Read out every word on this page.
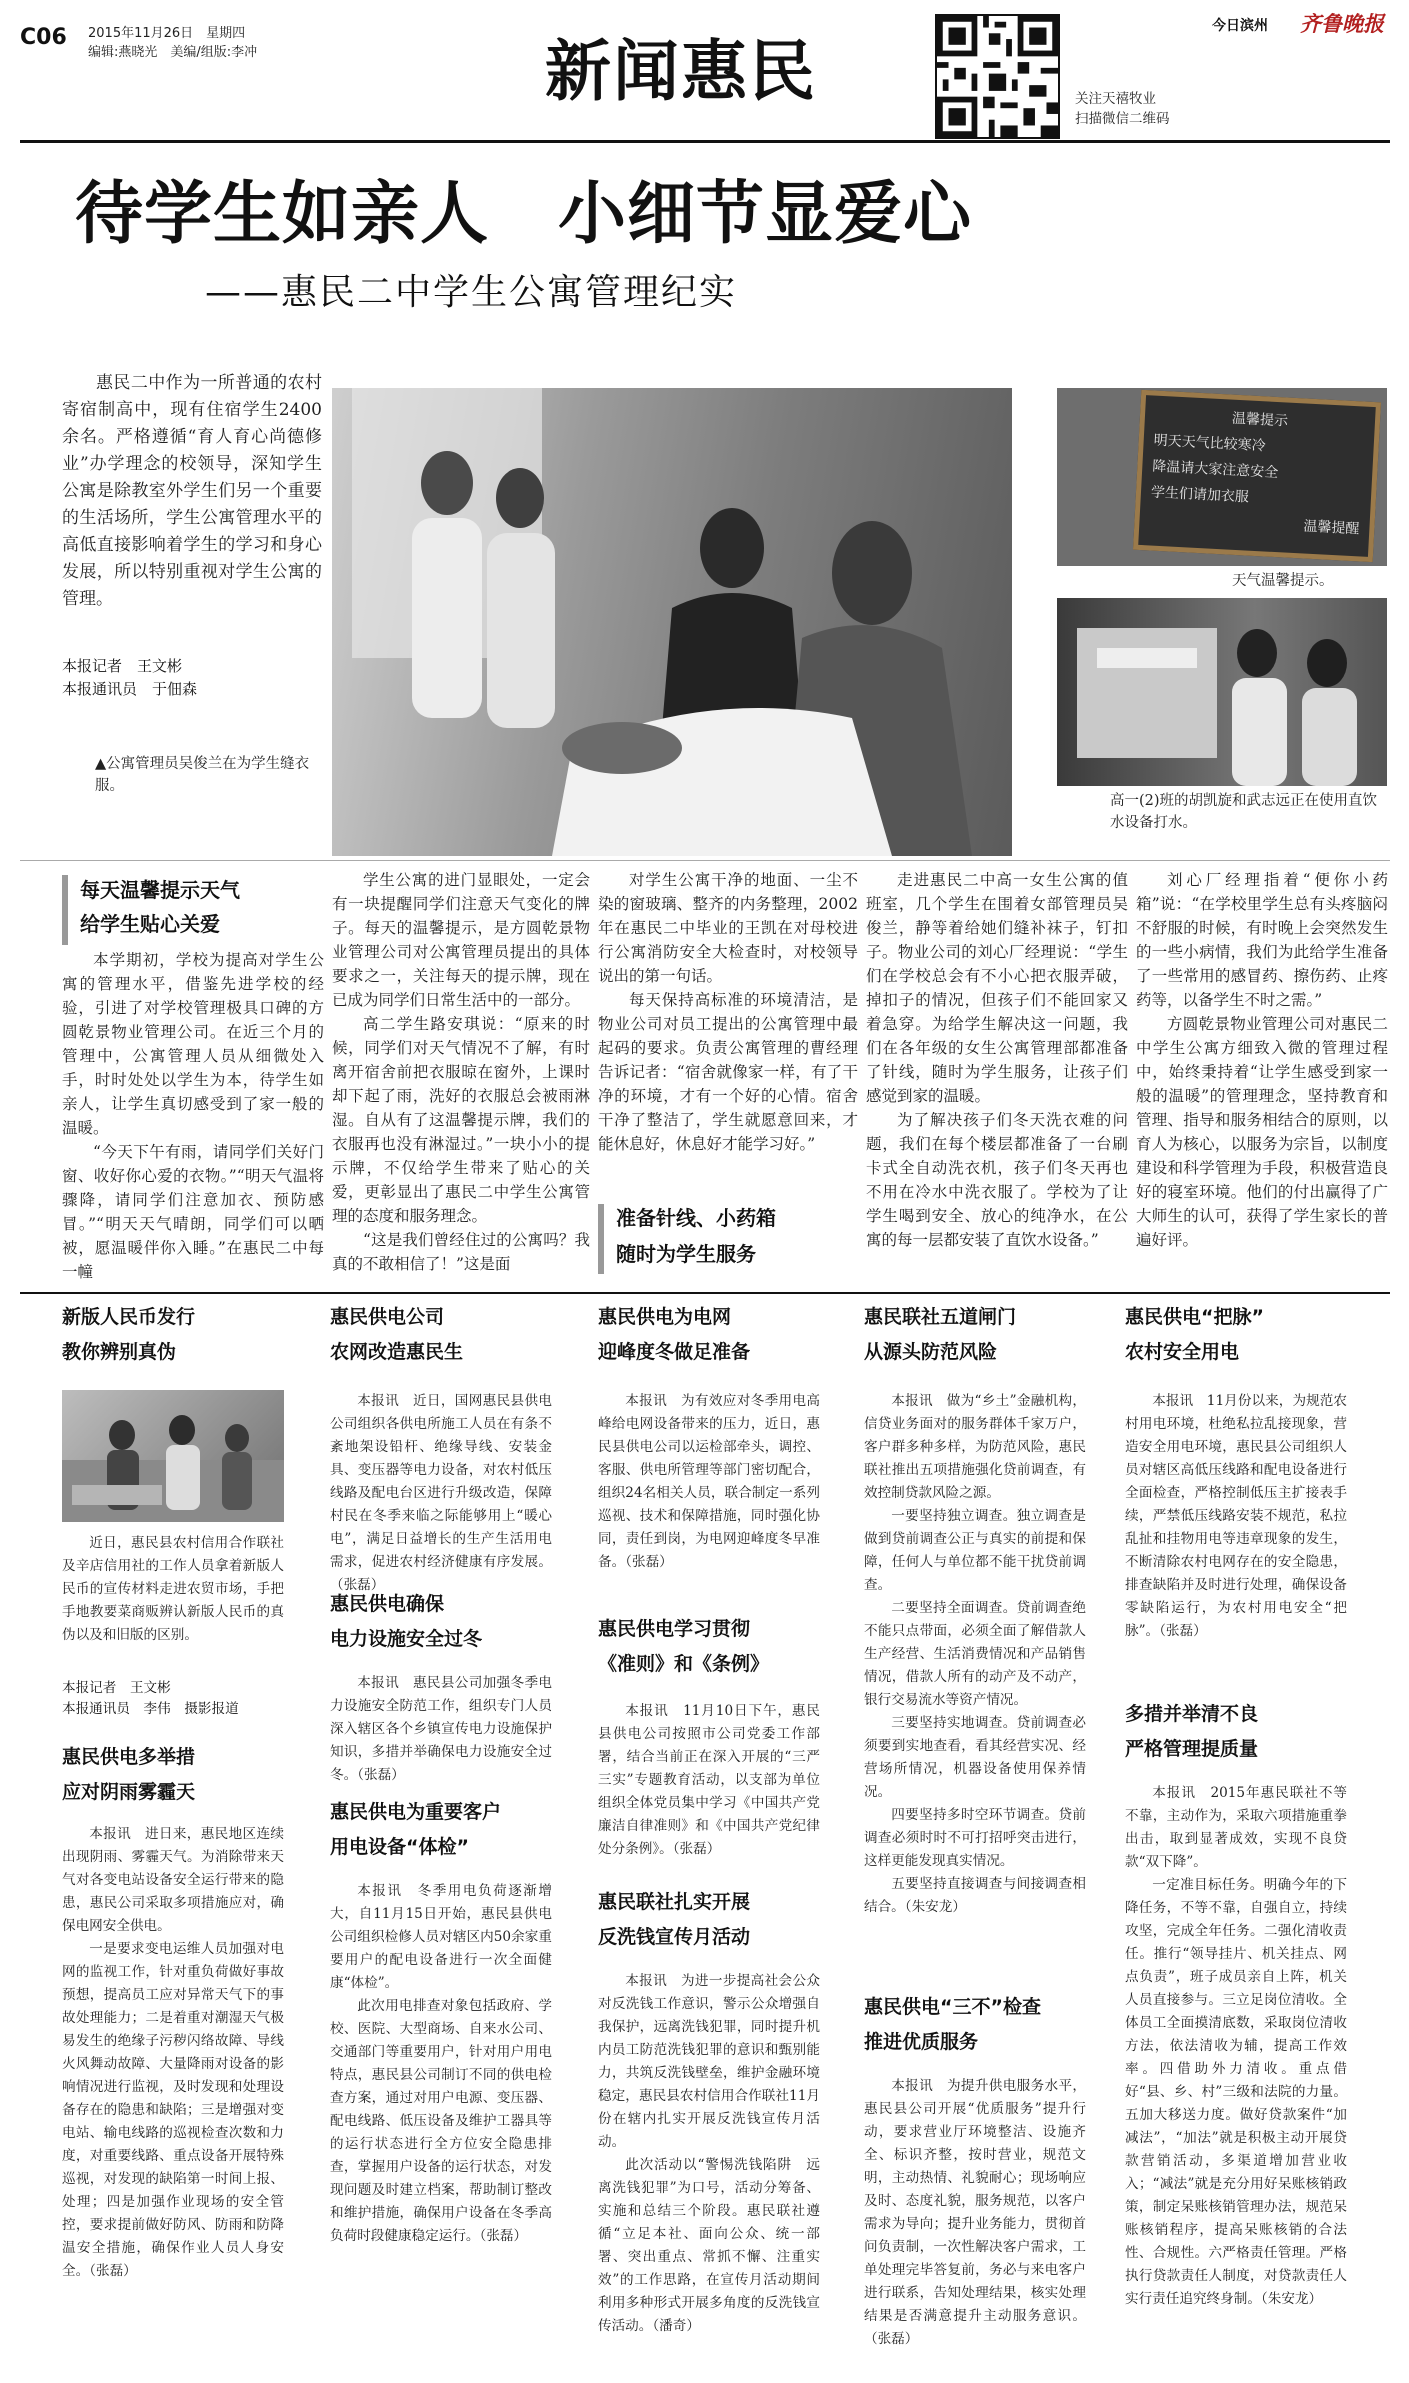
C06 2015年11月26日　星期四
编辑:燕晓光　美编/组版:李冲	新闻惠民	关注天禧牧业
扫描微信二维码
今日滨州 齐鲁晚报
待学生如亲人　小细节显爱心
——惠民二中学生公寓管理纪实

惠民二中作为一所普通的农村寄宿制高中，现有住宿学生2400余名。严格遵循“育人育心尚德修业”办学理念的校领导，深知学生公寓是除教室外学生们另一个重要的生活场所，学生公寓管理水平的高低直接影响着学生的学习和身心发展，所以特别重视对学生公寓的管理。

本报记者　王文彬
本报通讯员　于佃森
▲公寓管理员吴俊兰在为学生缝衣服。
温馨提示
明天天气比较寒冷
降温请大家注意安全
学生们请加衣服
温馨提醒
天气温馨提示。
高一(2)班的胡凯旋和武志远正在使用直饮水设备打水。
每天温馨提示天气
给学生贴心关爱

本学期初，学校为提高对学生公寓的管理水平，借鉴先进学校的经验，引进了对学校管理极具口碑的方圆乾景物业管理公司。在近三个月的管理中，公寓管理人员从细微处入手，时时处处以学生为本，待学生如亲人，让学生真切感受到了家一般的温暖。

“今天下午有雨，请同学们关好门窗、收好你心爱的衣物。”“明天气温将骤降，请同学们注意加衣、预防感冒。”“明天天气晴朗，同学们可以晒被，愿温暖伴你入睡。”在惠民二中每一幢

学生公寓的进门显眼处，一定会有一块提醒同学们注意天气变化的牌子。每天的温馨提示，是方圆乾景物业管理公司对公寓管理员提出的具体要求之一，关注每天的提示牌，现在已成为同学们日常生活中的一部分。

高二学生路安琪说：“原来的时候，同学们对天气情况不了解，有时离开宿舍前把衣服晾在窗外，上课时却下起了雨，洗好的衣服总会被雨淋湿。自从有了这温馨提示牌，我们的衣服再也没有淋湿过。”一块小小的提示牌，不仅给学生带来了贴心的关爱，更彰显出了惠民二中学生公寓管理的态度和服务理念。

“这是我们曾经住过的公寓吗？我真的不敢相信了！”这是面

对学生公寓干净的地面、一尘不染的窗玻璃、整齐的内务整理，2002年在惠民二中毕业的王凯在对母校进行公寓消防安全大检查时，对校领导说出的第一句话。

每天保持高标准的环境清洁，是物业公司对员工提出的公寓管理中最起码的要求。负责公寓管理的曹经理告诉记者：“宿舍就像家一样，有了干净的环境，才有一个好的心情。宿舍干净了整洁了，学生就愿意回来，才能休息好，休息好才能学习好。”

准备针线、小药箱
随时为学生服务

走进惠民二中高一女生公寓的值班室，几个学生在围着女部管理员吴俊兰，静等着给她们缝补袜子，钉扣子。物业公司的刘心厂经理说：“学生们在学校总会有不小心把衣服弄破，掉扣子的情况，但孩子们不能回家又着急穿。为给学生解决这一问题，我们在各年级的女生公寓管理部都准备了针线，随时为学生服务，让孩子们感觉到家的温暖。

为了解决孩子们冬天洗衣难的问题，我们在每个楼层都准备了一台刷卡式全自动洗衣机，孩子们冬天再也不用在冷水中洗衣服了。学校为了让学生喝到安全、放心的纯净水，在公寓的每一层都安装了直饮水设备。”

刘心厂经理指着“便你小药箱”说：“在学校里学生总有头疼脑闷不舒服的时候，有时晚上会突然发生的一些小病情，我们为此给学生准备了一些常用的感冒药、擦伤药、止疼药等，以备学生不时之需。”

方圆乾景物业管理公司对惠民二中学生公寓方细致入微的管理过程中，始终秉持着“让学生感受到家一般的温暖”的管理理念，坚持教育和管理、指导和服务相结合的原则，以育人为核心，以服务为宗旨，以制度建设和科学管理为手段，积极营造良好的寝室环境。他们的付出赢得了广大师生的认可，获得了学生家长的普遍好评。

新版人民币发行
教你辨别真伪

近日，惠民县农村信用合作联社及辛店信用社的工作人员拿着新版人民币的宣传材料走进农贸市场，手把手地教要菜商贩辨认新版人民币的真伪以及和旧版的区别。

本报记者　王文彬
本报通讯员　李伟　摄影报道
惠民供电多举措
应对阴雨雾霾天

本报讯　进日来，惠民地区连续出现阴雨、雾霾天气。为消除带来天气对各变电站设备安全运行带来的隐患，惠民公司采取多项措施应对，确保电网安全供电。

一是要求变电运维人员加强对电网的监视工作，针对重负荷做好事故预想，提高员工应对异常天气下的事故处理能力；二是着重对潮湿天气极易发生的绝缘子污秽闪络故障、导线火风舞动故障、大量降雨对设备的影响情况进行监视，及时发现和处理设备存在的隐患和缺陷；三是增强对变电站、输电线路的巡视检查次数和力度，对重要线路、重点设备开展特殊巡视，对发现的缺陷第一时间上报、处理；四是加强作业现场的安全管控，要求提前做好防风、防雨和防降温安全措施，确保作业人员人身安全。（张磊）

惠民供电公司
农网改造惠民生

本报讯　近日，国网惠民县供电公司组织各供电所施工人员在有条不紊地架设铅杆、绝缘导线、安装金具、变压器等电力设备，对农村低压线路及配电台区进行升级改造，保障村民在冬季来临之际能够用上“暖心电”，满足日益增长的生产生活用电需求，促进农村经济健康有序发展。（张磊）

惠民供电确保
电力设施安全过冬

本报讯　惠民县公司加强冬季电力设施安全防范工作，组织专门人员深入辖区各个乡镇宣传电力设施保护知识，多措并举确保电力设施安全过冬。（张磊）

惠民供电为重要客户
用电设备“体检”

本报讯　冬季用电负荷逐渐增大，自11月15日开始，惠民县供电公司组织检修人员对辖区内50余家重要用户的配电设备进行一次全面健康“体检”。

此次用电排查对象包括政府、学校、医院、大型商场、自来水公司、交通部门等重要用户，针对用户用电特点，惠民县公司制订不同的供电检查方案，通过对用户电源、变压器、配电线路、低压设备及维护工器具等的运行状态进行全方位安全隐患排查，掌握用户设备的运行状态，对发现问题及时建立档案，帮助制订整改和维护措施，确保用户设备在冬季高负荷时段健康稳定运行。（张磊）

惠民供电为电网
迎峰度冬做足准备

本报讯　为有效应对冬季用电高峰给电网设备带来的压力，近日，惠民县供电公司以运检部牵头，调控、客服、供电所管理等部门密切配合，组织24名相关人员，联合制定一系列巡视、技术和保障措施，同时强化协同，责任到岗，为电网迎峰度冬早准备。（张磊）

惠民供电学习贯彻
《准则》和《条例》

本报讯　11月10日下午，惠民县供电公司按照市公司党委工作部署，结合当前正在深入开展的“三严三实”专题教育活动，以支部为单位组织全体党员集中学习《中国共产党廉洁自律准则》和《中国共产党纪律处分条例》。（张磊）

惠民联社扎实开展
反洗钱宣传月活动

本报讯　为进一步提高社会公众对反洗钱工作意识，警示公众增强自我保护，远离洗钱犯罪，同时提升机内员工防范洗钱犯罪的意识和甄别能力，共筑反洗钱壁垒，维护金融环境稳定，惠民县农村信用合作联社11月份在辖内扎实开展反洗钱宣传月活动。

此次活动以“警惕洗钱陷阱　远离洗钱犯罪”为口号，活动分筹备、实施和总结三个阶段。惠民联社遵循“立足本社、面向公众、统一部署、突出重点、常抓不懈、注重实效”的工作思路，在宣传月活动期间利用多种形式开展多角度的反洗钱宣传活动。（潘奇）

惠民联社五道闸门
从源头防范风险

本报讯　做为“乡土”金融机构，信贷业务面对的服务群体千家万户，客户群多种多样，为防范风险，惠民联社推出五项措施强化贷前调查，有效控制贷款风险之源。

一要坚持独立调查。独立调查是做到贷前调查公正与真实的前提和保障，任何人与单位都不能干扰贷前调查。

二要坚持全面调查。贷前调查绝不能只点带面，必须全面了解借款人生产经营、生活消费情况和产品销售情况，借款人所有的动产及不动产，银行交易流水等资产情况。

三要坚持实地调查。贷前调查必须要到实地查看，看其经营实况、经营场所情况，机器设备使用保养情况。

四要坚持多时空环节调查。贷前调查必须时时不可打招呼突击进行，这样更能发现真实情况。

五要坚持直接调查与间接调查相结合。（朱安龙）

惠民供电“三不”检查
推进优质服务

本报讯　为提升供电服务水平，惠民县公司开展“优质服务”提升行动，要求营业厅环境整洁、设施齐全、标识齐整，按时营业，规范文明，主动热情、礼貌耐心；现场响应及时、态度礼貌，服务规范，以客户需求为导向；提升业务能力，贯彻首问负责制，一次性解决客户需求，工单处理完毕答复前，务必与来电客户进行联系，告知处理结果，核实处理结果是否满意提升主动服务意识。（张磊）

惠民供电“把脉”
农村安全用电

本报讯　11月份以来，为规范农村用电环境，杜绝私拉乱接现象，营造安全用电环境，惠民县公司组织人员对辖区高低压线路和配电设备进行全面检查，严格控制低压主扩接表手续，严禁低压线路安装不规范，私拉乱扯和挂物用电等违章现象的发生，不断清除农村电网存在的安全隐患，排查缺陷并及时进行处理，确保设备零缺陷运行，为农村用电安全“把脉”。（张磊）

多措并举清不良
严格管理提质量

本报讯　2015年惠民联社不等不靠，主动作为，采取六项措施重拳出击，取到显著成效，实现不良贷款“双下降”。

一定准目标任务。明确今年的下降任务，不等不靠，自强自立，持续攻坚，完成全年任务。二强化清收责任。推行“领导挂片、机关挂点、网点负责”，班子成员亲自上阵，机关人员直接参与。三立足岗位清收。全体员工全面摸清底数，采取岗位清收方法，依法清收为辅，提高工作效率。四借助外力清收。重点借好“县、乡、村”三级和法院的力量。五加大移送力度。做好贷款案件“加减法”，“加法”就是积极主动开展贷款营销活动，多渠道增加营业收入；“减法”就是充分用好呆账核销政策，制定呆账核销管理办法，规范呆账核销程序，提高呆账核销的合法性、合规性。六严格责任管理。严格执行贷款责任人制度，对贷款责任人实行责任追究终身制。（朱安龙）
